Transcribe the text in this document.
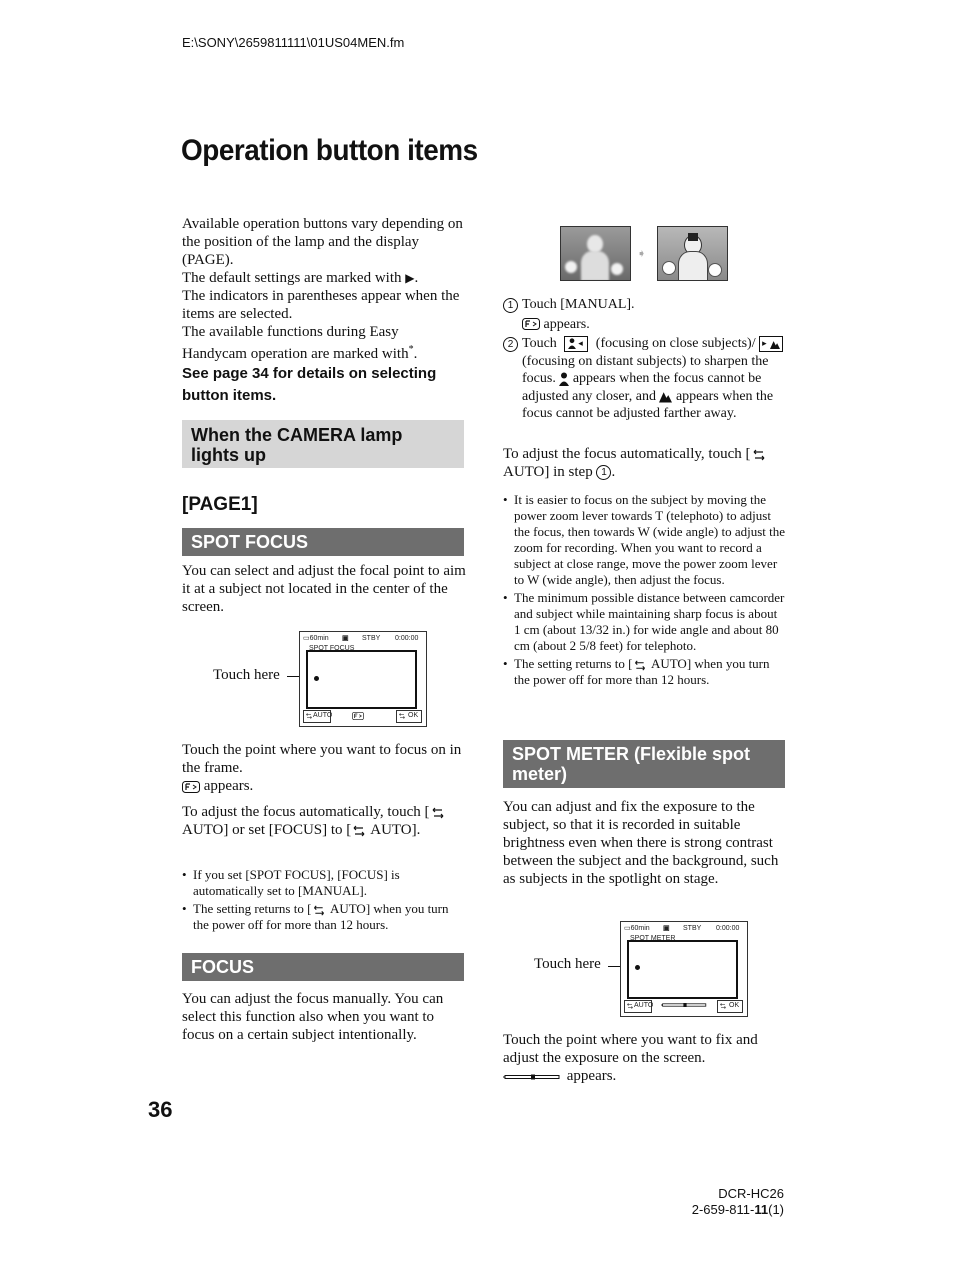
E:\SONY\2659811111\01US04MEN.fm
Operation button items
Available operation buttons vary depending on the position of the lamp and the display (PAGE).
The default settings are marked with ▶.
The indicators in parentheses appear when the items are selected.
The available functions during Easy Handycam operation are marked with*.
See page 34 for details on selecting button items.
When the CAMERA lamp lights up
[PAGE1]
SPOT FOCUS
You can select and adjust the focal point to aim it at a subject not located in the center of the screen.
Touch here
▭60min ▣ STBY 0:00:00
SPOT FOCUS
AUTO	OK
Touch the point where you want to focus on in the frame.
appears.
To adjust the focus automatically, touch [ AUTO] or set [FOCUS] to [ AUTO].
• If you set [SPOT FOCUS], [FOCUS] is automatically set to [MANUAL].
• The setting returns to [ AUTO] when you turn the power off for more than 12 hours.
FOCUS
You can adjust the focus manually. You can select this function also when you want to focus on a certain subject intentionally.
36
➧
1 Touch [MANUAL].
appears.
2 Touch ◂ (focusing on close subjects)/ ▸
(focusing on distant subjects) to sharpen the focus. appears when the focus cannot be adjusted any closer, and appears when the focus cannot be adjusted farther away.
To adjust the focus automatically, touch [ AUTO] in step 1 .
• It is easier to focus on the subject by moving the power zoom lever towards T (telephoto) to adjust the focus, then towards W (wide angle) to adjust the zoom for recording. When you want to record a subject at close range, move the power zoom lever to W (wide angle), then adjust the focus.
• The minimum possible distance between camcorder and subject while maintaining sharp focus is about 1 cm (about 13/32 in.) for wide angle and about 80 cm (about 2 5/8 feet) for telephoto.
• The setting returns to [ AUTO] when you turn the power off for more than 12 hours.
SPOT METER (Flexible spot meter)
You can adjust and fix the exposure to the subject, so that it is recorded in suitable brightness even when there is strong contrast between the subject and the background, such as subjects in the spotlight on stage.
Touch here
▭60min ▣ STBY 0:00:00
SPOT METER
AUTO	OK
Touch the point where you want to fix and adjust the exposure on the screen.
appears.
DCR-HC26
2-659-811-11(1)
